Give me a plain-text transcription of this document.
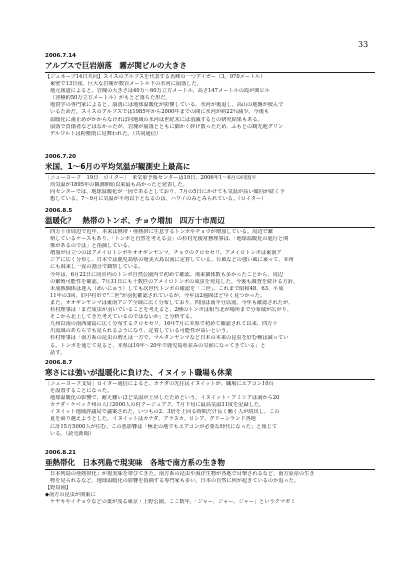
33
2006.7.14
アルプスで巨岩崩落　霧が関ビルの大きさ

【ジュネーブ14日共同】スイスのアルプスを代表する名峰の一つアイガー（3，970メートル）

東壁で13日夜、巨大な岩塊が数百メートル下の氷河に崩落した。

地元報道によると、岩塊の大きさは40万～60万立方メートル。高さ147メートルの霞が関ビル

（容積約50万立方メートル）がもとど落ちた形だ。

地質学の専門家によると、崩落には地球温暖化が影響している。氷河が後退し、高山の地盤が緩んで

いるためだ。スイスのアルプスでは1985年から2000年までの間に氷河が約22％減少。今後も

温暖化に歯止めがかからなければ同地域の氷河は世紀末には消滅するとの研究結果もある。

崩落で負傷者などはなかったが、岩塊が崩落とともに細かく砕け散ったため、ふもとの観光地グリン

デルワルトは粉塵雨に見舞われた。（共同通信）

2006.7.20
米国、1～6月の平均気温が観測史上最高に

［ニューヨーク　19日　ロイター］　米気象予報センターは19日、2006年1～6月の同国平

均気温が1895年の観測開始以来最も高かったと発表した。

同センターでは、地球温暖化が一因であるとしており、7月の5日にかけても気温が高い傾向が続く予

想している。7～9月に気温が平均以下となるのは、ハワイのみとみられている。（ロイター）

2006.8.5
温暖化？　熱帯のトンボ、チョウ増加　四万十市周辺

四万十市周辺で近年、本来は熱帯・亜熱帯に生息するトンボやチョウが増加している。周辺で繁

殖しているケースもあり、「トンボと自然を考える会」の杉村光俊常務理事は、「地球温暖化の進行と関

係があるのでは」と指摘している。

増加が目立つのはアメイロトンボやオオギンヤンマ、チョウのクロセセリ。アメイロトンボは東南ア

ジアに広く分布し、日本では鹿児島県の奄美大島以南に定着している。台風などの強い風に乗って、本州

にも飛来し一夜の割合で観察している。

今年は、6月22日に同市内のトンボ自然公園内で初めて確認。飛来個体数も多かったことから、周辺

の繁殖可能性を確認。7月31日にも十数匹のアメイロトンボの成虫を発見した。今後も調査を続ける方針。

未成熟個体は迷入（めいにゅう）しても次世代トンボの確認を「二世」。これまで昭和48、63、平成

11年の3回、旧中村市で"二世"が羽化確認されているが、今年は2週間ほど早く見つかった。

また、オオギンヤンマは東南アジア全域に広く分布しており、四国は南半分以南。今年も確認されたが、

杉村理事は「まだ成虫が羽いでいることを考えると、2種のトンボは相当北が場所まで分布域が広がり、

そこから北上してきた考えているのではないか」と分析する。

九州以南の南西諸島に広く分布するクロセセリ。16年7月に本県で初めて確認されて以来、四万十

川流域のあちらでも見られるようになり、定着している可能性が高いという。

杉村理事は「南方系の昆虫の増えは一方で、マルタンヤンマなど日本の本来の昆虫を好む種は減ってい

る。トンボを通じて見ると、本県は10年～20年で鹿児島県並みの気候になってきている」と

話す。

2006.8.7
寒さには強いが温暖化に負けた、イヌイット職場も休業

［ニューヨーク支局］ロイター通信によると、カナダの先住民イヌイットが、職場にエアコン10台

を設置することになった。

地球温暖化の影響で、耐え難いほど気温が上昇したためという。イヌイット・アミシアは満から20

カナダ・ケベック州の人口2000人の村クージュアク。7月下旬に最高気温31度を記録した。

イヌイット地域評議局で議案された。いつもの2、3倍を上回る時間だけ長く働く人が続出し、この

夏を乗り越えようとした。イヌイットはカナダ、アラスカ、ロシア、グリーンランド各地

に計15万5000人が住む。この悪影響は「極北の地でもエアコンが必要な時代になった」と報じて

いる。（読売新聞）

2006.8.21
亜熱帯化　日本列島で現実味　各地で南方系の生き物

日本列島の亜熱帯化」が現実味を帯びてきた。南方系の昆虫や海洋生物が各地で目撃されるなど、南方原産の生き

物を見られるなど、地球温暖化の影響を指摘する専門家も多い。日本の自然に何が起きているのか追った。

【野鳥園】

◆南方の昆虫が関東に

ケヤキやイチョウなどの葉が茂る東京・上野公園。ここ数年、「ジャー、ジャー、ジャー」というクマゼミ
